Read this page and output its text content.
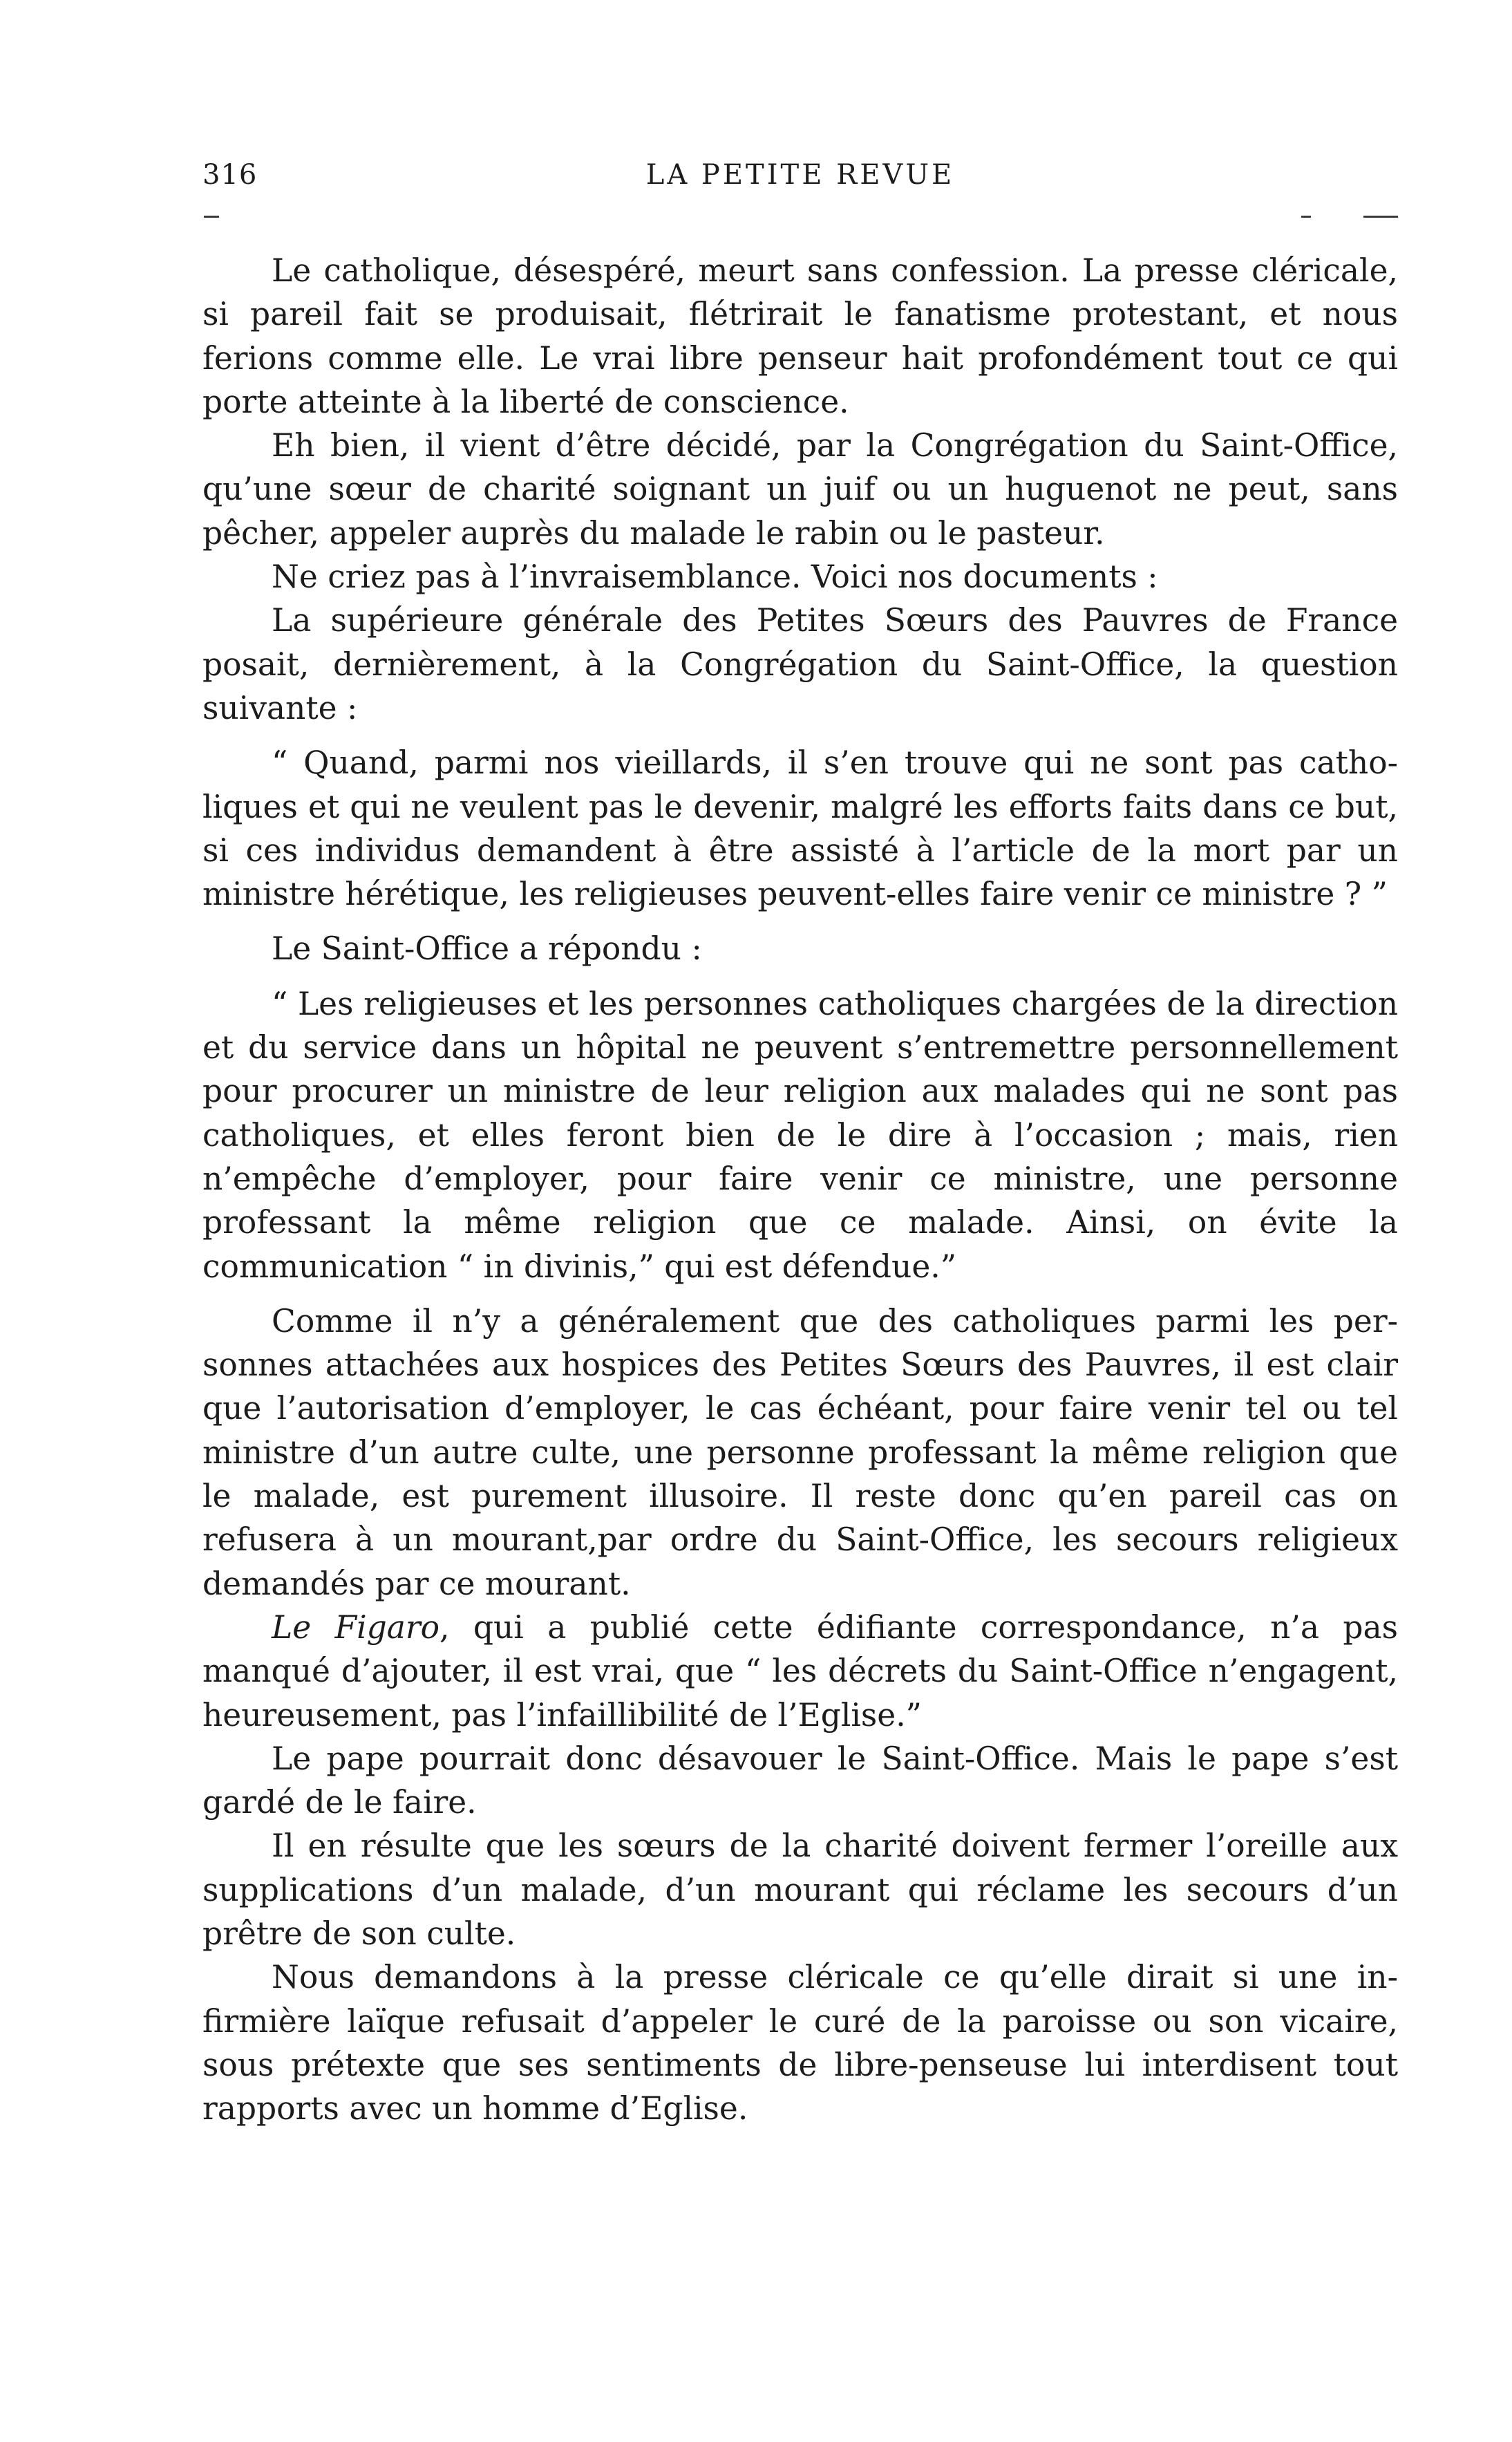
316	LA PETITE REVUE

Le catholique, désespéré, meurt sans confession. La presse cléricale, si pareil fait se produisait, flétrirait le fanatisme protestant, et nous ferions comme elle. Le vrai libre penseur hait profondément tout ce qui porte atteinte à la liberté de conscience.

Eh bien, il vient d’être décidé, par la Congrégation du Saint-Office, qu’une sœur de charité soignant un juif ou un huguenot ne peut, sans pêcher, appeler auprès du malade le rabin ou le pasteur.

Ne criez pas à l’invraisemblance. Voici nos documents :

La supérieure générale des Petites Sœurs des Pauvres de France posait, dernièrement, à la Congrégation du Saint-Office, la question suivante :

“ Quand, parmi nos vieillards, il s’en trouve qui ne sont pas catholiques et qui ne veulent pas le devenir, malgré les efforts faits dans ce but, si ces individus demandent à être assisté à l’article de la mort par un ministre hérétique, les religieuses peuvent-elles faire venir ce ministre ? ”

Le Saint-Office a répondu :

“ Les religieuses et les personnes catholiques chargées de la direction et du service dans un hôpital ne peuvent s’entremettre personnellement pour procurer un ministre de leur religion aux malades qui ne sont pas catholiques, et elles feront bien de le dire à l’occasion ; mais, rien n’empêche d’employer, pour faire venir ce ministre, une personne professant la même religion que ce malade. Ainsi, on évite la communication “ in divinis,” qui est défendue.”

Comme il n’y a généralement que des catholiques parmi les personnes attachées aux hospices des Petites Sœurs des Pauvres, il est clair que l’autorisation d’employer, le cas échéant, pour faire venir tel ou tel ministre d’un autre culte, une personne professant la même religion que le malade, est purement illusoire. Il reste donc qu’en pareil cas on refusera à un mourant,par ordre du Saint-Office, les secours religieux demandés par ce mourant.

Le Figaro, qui a publié cette édifiante correspondance, n’a pas manqué d’ajouter, il est vrai, que “ les décrets du Saint-Office n’engagent, heureusement, pas l’infaillibilité de l’Eglise.”

Le pape pourrait donc désavouer le Saint-Office. Mais le pape s’est gardé de le faire.

Il en résulte que les sœurs de la charité doivent fermer l’oreille aux supplications d’un malade, d’un mourant qui réclame les secours d’un prêtre de son culte.

Nous demandons à la presse cléricale ce qu’elle dirait si une infirmière laïque refusait d’appeler le curé de la paroisse ou son vicaire, sous prétexte que ses sentiments de libre-penseuse lui interdisent tout rapports avec un homme d’Eglise.
